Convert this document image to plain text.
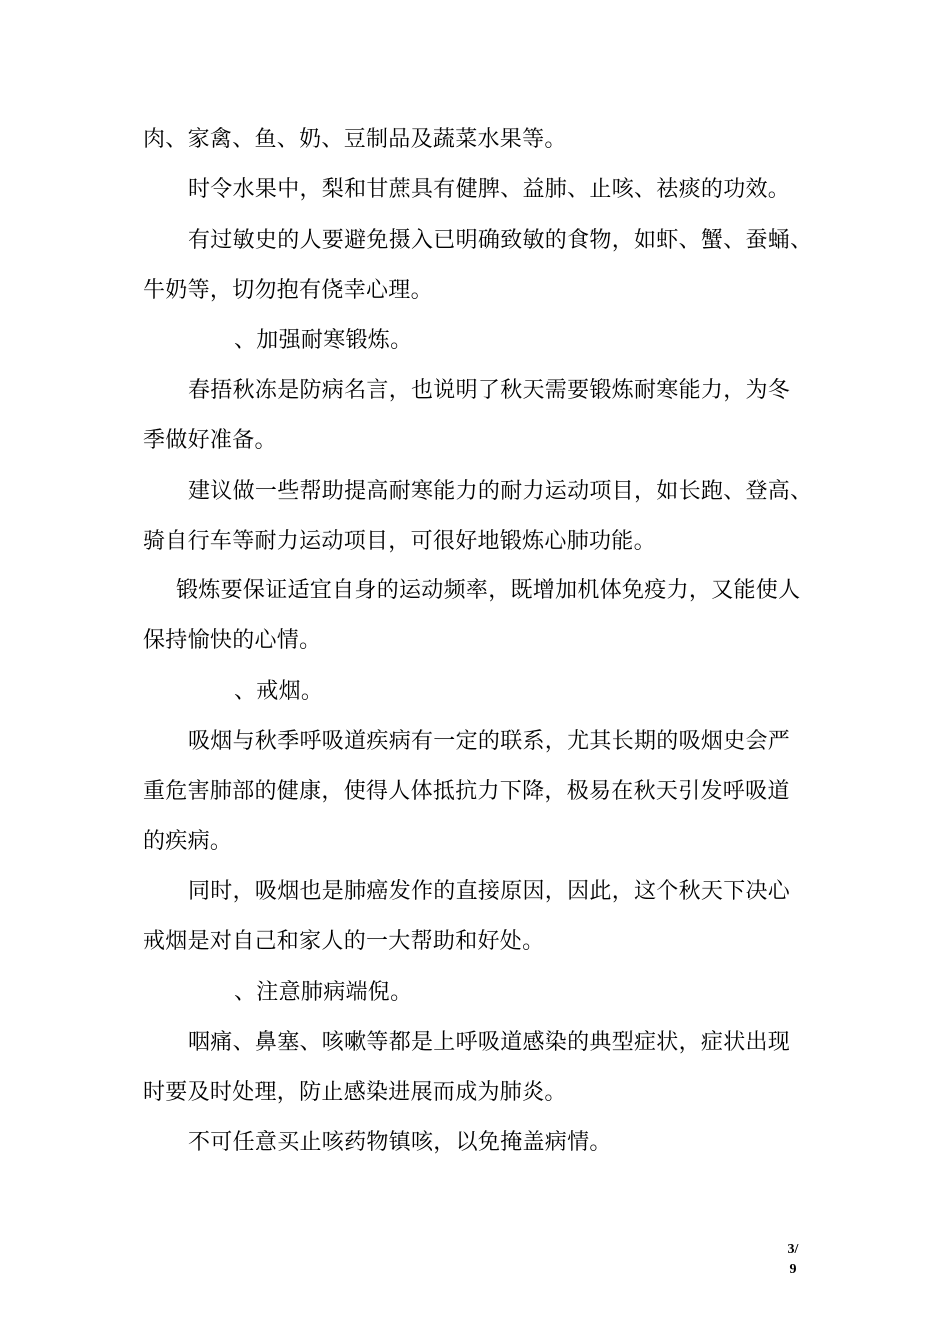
肉、家禽、鱼、奶、豆制品及蔬菜水果等。
时令水果中，梨和甘蔗具有健脾、益肺、止咳、祛痰的功效。
有过敏史的人要避免摄入已明确致敏的食物，如虾、蟹、蚕蛹、
牛奶等，切勿抱有侥幸心理。
、加强耐寒锻炼。
春捂秋冻是防病名言，也说明了秋天需要锻炼耐寒能力，为冬
季做好准备。
建议做一些帮助提高耐寒能力的耐力运动项目，如长跑、登高、
骑自行车等耐力运动项目，可很好地锻炼心肺功能。
锻炼要保证适宜自身的运动频率，既增加机体免疫力，又能使人
保持愉快的心情。
、戒烟。
吸烟与秋季呼吸道疾病有一定的联系，尤其长期的吸烟史会严
重危害肺部的健康，使得人体抵抗力下降，极易在秋天引发呼吸道
的疾病。
同时，吸烟也是肺癌发作的直接原因，因此，这个秋天下决心
戒烟是对自己和家人的一大帮助和好处。
、注意肺病端倪。
咽痛、鼻塞、咳嗽等都是上呼吸道感染的典型症状，症状出现
时要及时处理，防止感染进展而成为肺炎。
不可任意买止咳药物镇咳，以免掩盖病情。
3/
9
